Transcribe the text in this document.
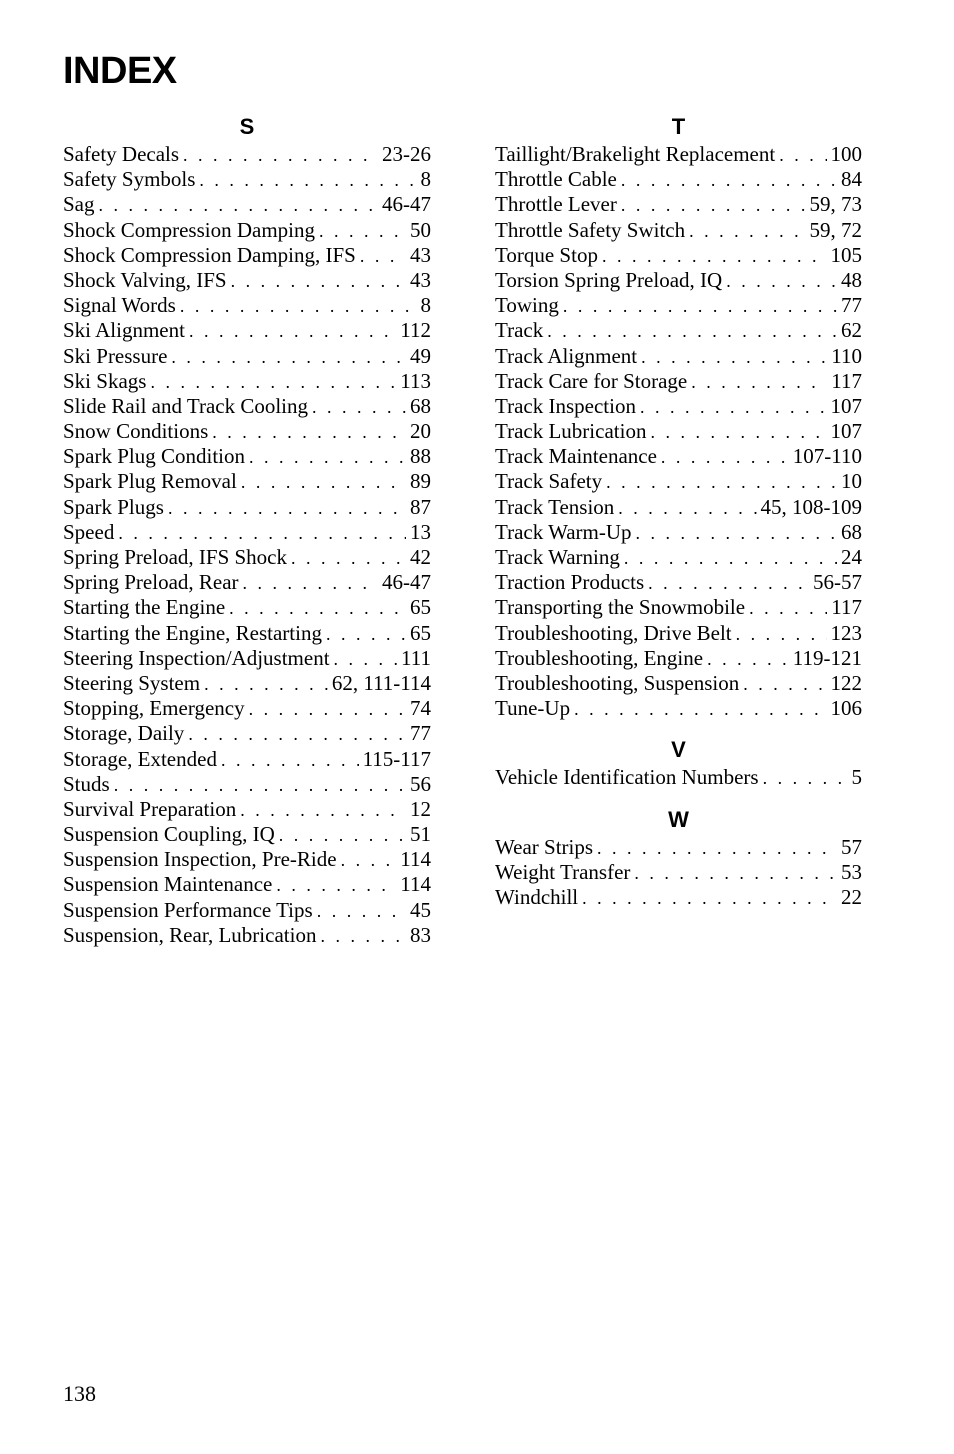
INDEX
S
Safety Decals . . .	23-26
Safety Symbols . . .	8
Sag . . .	46-47
Shock Compression Damping . . .	50
Shock Compression Damping, IFS . . .	43
Shock Valving, IFS . . .	43
Signal Words . . .	8
Ski Alignment . . .	112
Ski Pressure . . .	49
Ski Skags . . .	113
Slide Rail and Track Cooling . . .	68
Snow Conditions . . .	20
Spark Plug Condition . . .	88
Spark Plug Removal . . .	89
Spark Plugs . . .	87
Speed . . .	13
Spring Preload, IFS Shock . . .	42
Spring Preload, Rear . . .	46-47
Starting the Engine . . .	65
Starting the Engine, Restarting . . .	65
Steering Inspection/Adjustment . . .	111
Steering System . . .	62, 111-114
Stopping, Emergency . . .	74
Storage, Daily . . .	77
Storage, Extended . . .	115-117
Studs . . .	56
Survival Preparation . . .	12
Suspension Coupling, IQ . . .	51
Suspension Inspection, Pre-Ride . . .	114
Suspension Maintenance . . .	114
Suspension Performance Tips . . .	45
Suspension, Rear, Lubrication . . .	83
T
Taillight/Brakelight Replacement . . .	100
Throttle Cable . . .	84
Throttle Lever . . .	59, 73
Throttle Safety Switch . . .	59, 72
Torque Stop . . .	105
Torsion Spring Preload, IQ . . .	48
Towing . . .	77
Track . . .	62
Track Alignment . . .	110
Track Care for Storage . . .	117
Track Inspection . . .	107
Track Lubrication . . .	107
Track Maintenance . . .	107-110
Track Safety . . .	10
Track Tension . . .	45, 108-109
Track Warm-Up . . .	68
Track Warning . . .	24
Traction Products . . .	56-57
Transporting the Snowmobile . . .	117
Troubleshooting, Drive Belt . . .	123
Troubleshooting, Engine . . .	119-121
Troubleshooting, Suspension . . .	122
Tune-Up . . .	106
V
Vehicle Identification Numbers . . .	5
W
Wear Strips . . .	57
Weight Transfer . . .	53
Windchill . . .	22
138
